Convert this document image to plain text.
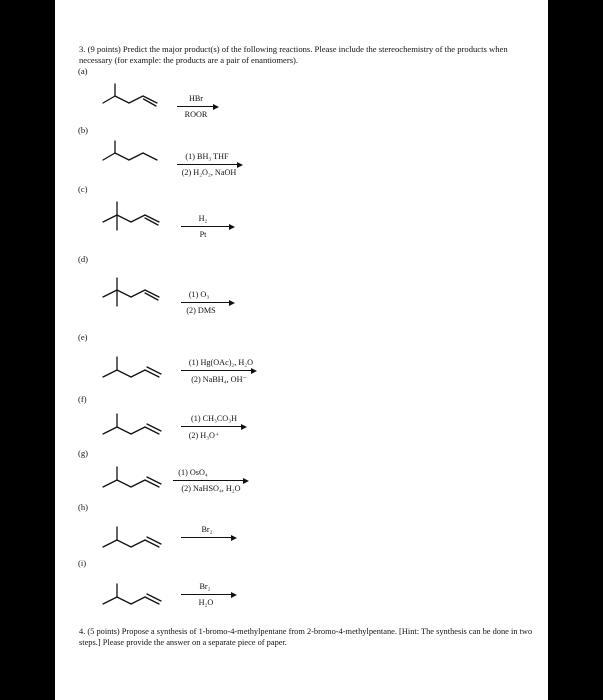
3. (9 points) Predict the major product(s) of the following reactions. Please include the stereochemistry of the products when necessary (for example: the products are a pair of enantiomers).
(a)
HBr
ROOR
(b)
(1) BH₃ THF
(2) H₂O₂, NaOH
(c)
H₂
Pt
(d)
(1) O₃
(2) DMS
(e)
(1) Hg(OAc)₂, H₂O
(2) NaBH₄, OH⁻
(f)
(1) CH₃CO₃H
(2) H₃O⁺
(g)
(1) OsO₄
(2) NaHSO₄, H₂O
(h)
Br₂
(i)
Br₂
H₂O
4. (5 points) Propose a synthesis of 1-bromo-4-methylpentane from 2-bromo-4-methylpentane. [Hint: The synthesis can be done in two steps.] Please provide the answer on a separate piece of paper.
